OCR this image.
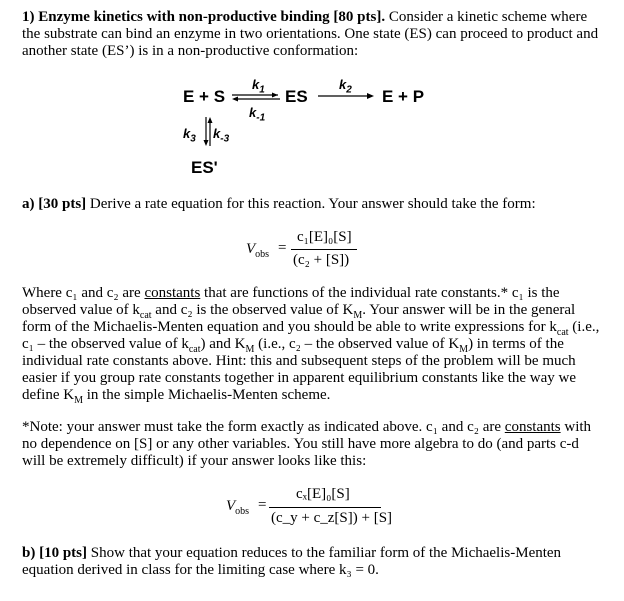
1) Enzyme kinetics with non-productive binding [80 pts]. Consider a kinetic scheme where
the substrate can bind an enzyme in two orientations. One state (ES) can proceed to product and
another state (ES’) is in a non-productive conformation:
E + S
$k_1$
$k_{-1}$
⇌ ES
$k_2$ E + P
$k_3$ $k_{-3}$
ES'
a) [30 pts] Derive a rate equation for this reaction. Your answer should take the form:
$V_{obs}$ =
c₁[E]₀[S]
(c₂ + [S])
Where c₁ and c₂ are constants that are functions of the individual rate constants.* c₁ is the
observed value of $k_{cat}$ and c₂ is the observed value of $K_M$. Your answer will be in the general
form of the Michaelis-Menten equation and you should be able to write expressions for $k_{cat}$ (i.e.,
c₁ – the observed value of $k_{cat}$) and $K_M$ (i.e., c₂ – the observed value of $K_M$) in terms of the
individual rate constants above. Hint: this and subsequent steps of the problem will be much
easier if you group rate constants together in apparent equilibrium constants like the way we
define $K_M$ in the simple Michaelis-Menten scheme.
*Note: your answer must take the form exactly as indicated above. c₁ and c₂ are constants with
no dependence on [S] or any other variables. You still have more algebra to do (and parts c-d
will be extremely difficult) if your answer looks like this:
$V_{obs}$ =
cₓ[E]₀[S]
(c_y + c_z[S]) + [S]
b) [10 pts] Show that your equation reduces to the familiar form of the Michaelis-Menten
equation derived in class for the limiting case where k₃ = 0.
